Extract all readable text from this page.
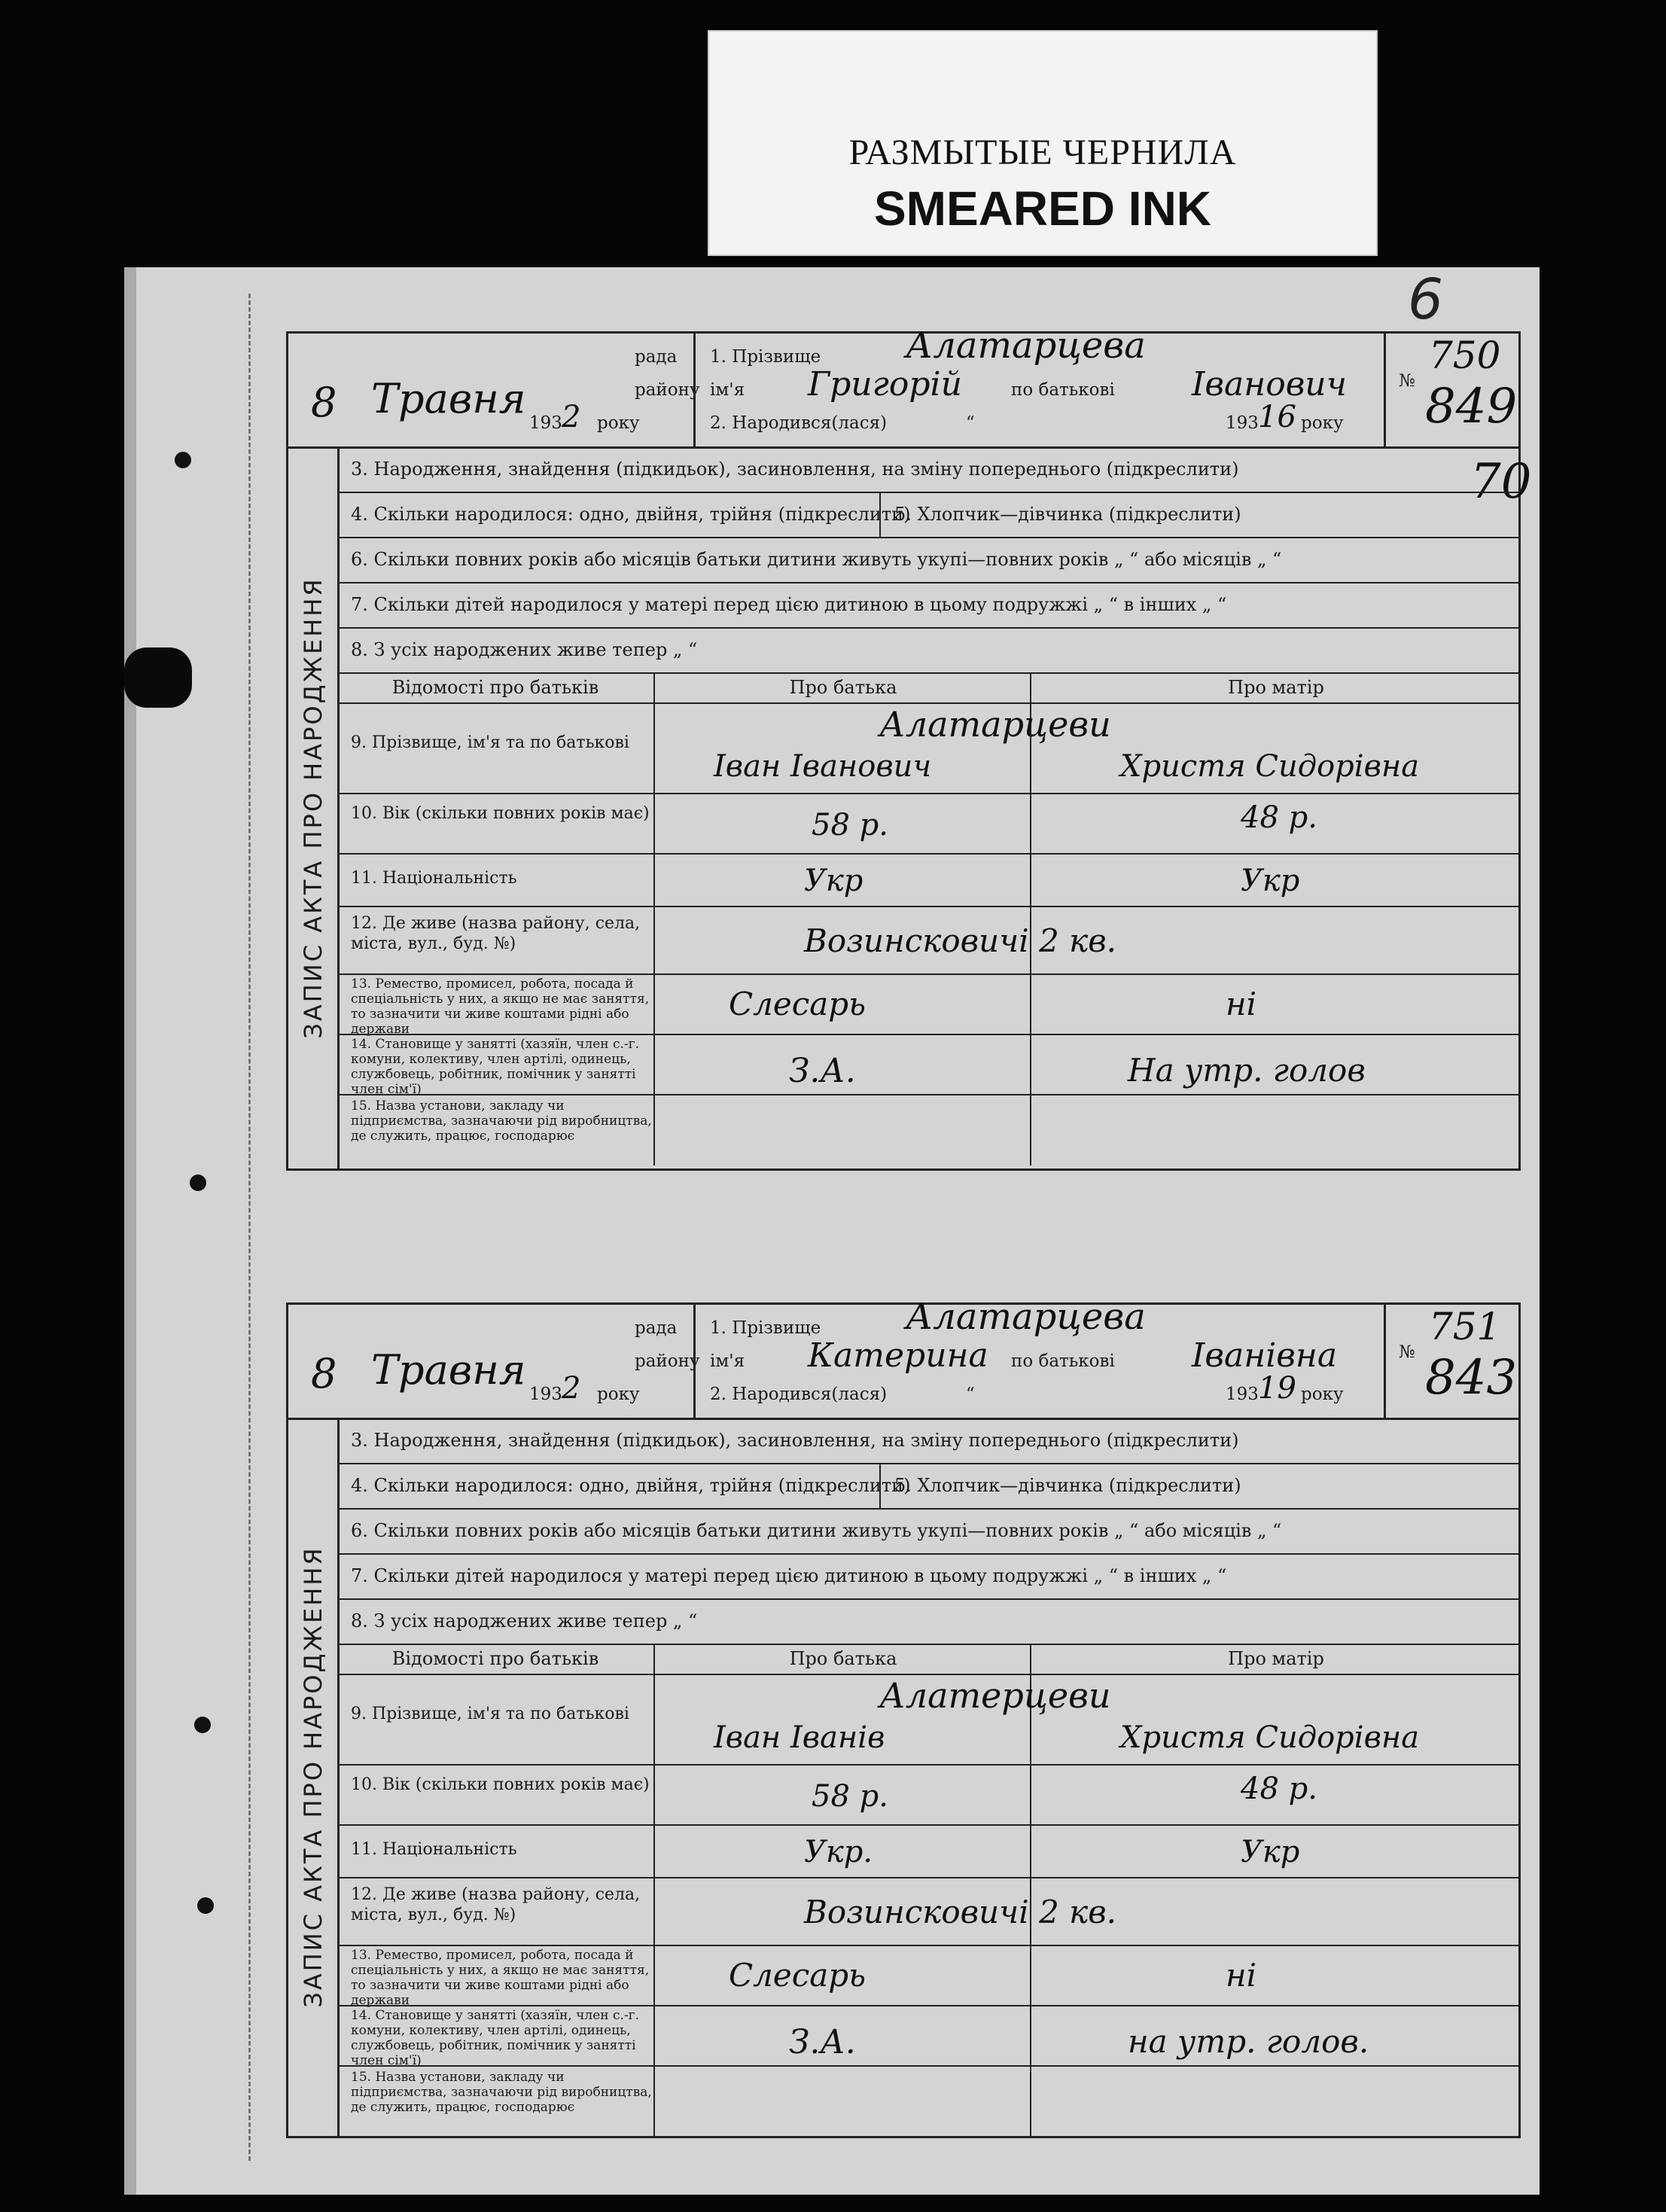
РАЗМЫТЫЕ ЧЕРНИЛА
SMEARED INK
6
рада
району
8 Травня
193 2 року
1. Прізвище Алатарцева
ім'я Григорій	по батькові Іванович
2. Народився(лася)	“	193 16 року
№
750
849
70
ЗАПИС АКТА ПРО НАРОДЖЕННЯ
3. Народження, знайдення (підкидьок), засиновлення, на зміну попереднього (підкреслити)
4. Скільки народилося: одно, двійня, трійня (підкреслити)
5. Хлопчик—дівчинка (підкреслити)
6. Скільки повних років або місяців батьки дитини живуть укупі—повних років „ “ або місяців „ “
7. Скільки дітей народилося у матері перед цією дитиною в цьому подружжі „ “ в інших „ “
8. З усіх народжених живе тепер „ “
Відомості про батьків	Про батька	Про матір
9. Прізвище, ім'я та по батькові	Алатарцеви
Іван Іванович	Христя Сидорівна
10. Вік (скільки повних років має)	58 р.	48 р.
11. Національність	Укр	Укр
12. Де живе (назва району, села, міста, вул., буд. №)	Возинсковичі 2 кв.
13. Ремество, промисел, робота, посада й спеціальність у них, а якщо не має заняття, то зазначити чи живе коштами рідні або держави
Слесарь	ні
14. Становище у занятті (хазяїн, член с.-г. комуни, колективу, член артілі, одинець, службовець, робітник, помічник у занятті член сім'ї)	З.А.	На утр. голов
15. Назва установи, закладу чи підприємства, зазначаючи рід виробництва, де служить, працює, господарює
рада
району
8 Травня
193 2 року
1. Прізвище Алатарцева
ім'я Катерина по батькові Іванівна
2. Народився(лася)	“	193 19 року
№
751
843
ЗАПИС АКТА ПРО НАРОДЖЕННЯ
3. Народження, знайдення (підкидьок), засиновлення, на зміну попереднього (підкреслити)
4. Скільки народилося: одно, двійня, трійня (підкреслити)
5. Хлопчик—дівчинка (підкреслити)
6. Скільки повних років або місяців батьки дитини живуть укупі—повних років „ “ або місяців „ “
7. Скільки дітей народилося у матері перед цією дитиною в цьому подружжі „ “ в інших „ “
8. З усіх народжених живе тепер „ “
Відомості про батьків	Про батька	Про матір
9. Прізвище, ім'я та по батькові	Алатерцеви
Іван Іванів	Христя Сидорівна
10. Вік (скільки повних років має)	58 р.	48 р.
11. Національність	Укр.	Укр
12. Де живе (назва району, села, міста, вул., буд. №)	Возинсковичі 2 кв.
13. Ремество, промисел, робота, посада й спеціальність у них, а якщо не має заняття, то зазначити чи живе коштами рідні або держави
Слесарь	ні
14. Становище у занятті (хазяїн, член с.-г. комуни, колективу, член артілі, одинець, службовець, робітник, помічник у занятті член сім'ї)	З.А.	на утр. голов.
15. Назва установи, закладу чи підприємства, зазначаючи рід виробництва, де служить, працює, господарює
